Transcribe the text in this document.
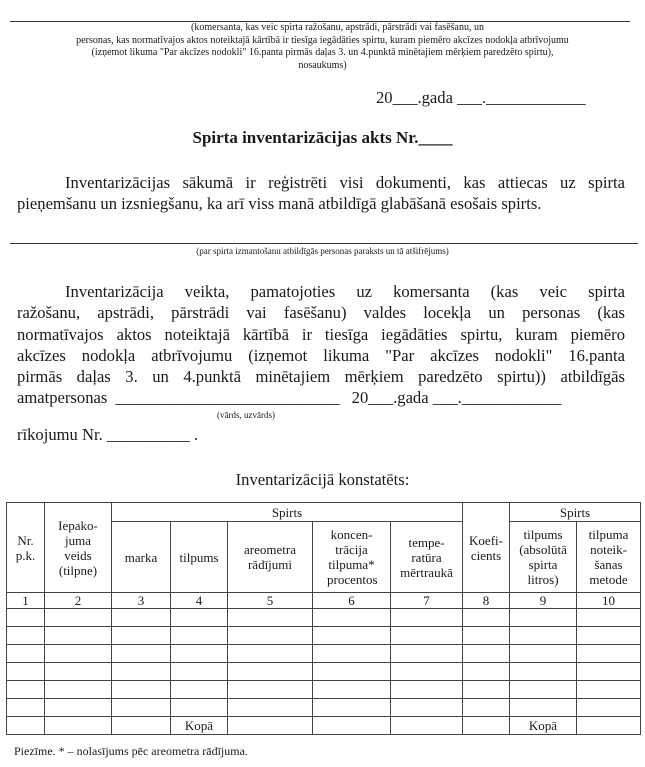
(komersanta, kas veic spirta ražošanu, apstrādi, pārstrādi vai fasēšanu, un
personas, kas normatīvajos aktos noteiktajā kārtībā ir tiesīga iegādāties spirtu, kuram piemēro akcīzes nodokļa atbrīvojumu
(izņemot likuma "Par akcīzes nodokli" 16.panta pirmās daļas 3. un 4.punktā minētajiem mērķiem paredzēto spirtu),
nosaukums)
20___.gada ___.____________
Spirta inventarizācijas akts Nr.____
Inventarizācijas sākumā ir reģistrēti visi dokumenti, kas attiecas uz spirta
pieņemšanu un izsniegšanu, ka arī viss manā atbildīgā glabāšanā esošais spirts.
(par spirta izmantošanu atbildīgās personas paraksts un tā atšifrējums)
Inventarizācija veikta, pamatojoties uz komersanta (kas veic spirta
ražošanu, apstrādi, pārstrādi vai fasēšanu) valdes locekļa un personas (kas
normatīvajos aktos noteiktajā kārtībā ir tiesīga iegādāties spirtu, kuram piemēro
akcīzes nodokļa atbrīvojumu (izņemot likuma "Par akcīzes nodokli" 16.panta
pirmās daļas 3. un 4.punktā minētajiem mērķiem paredzēto spirtu)) atbildīgās
amatpersonas ___________________________ 20___.gada ___.____________
(vārds, uzvārds)
rīkojumu Nr. __________ .
Inventarizācijā konstatēts:
Nr. p.k.	Iepako- juma veids (tilpne)	Spirts					Koefi- cients	Spirts	
		marka	tilpums	areometra rādījumi	koncen- trācija tilpuma* procentos	tempe- ratūra mērtraukā		tilpums (absolūtā spirta litros)	tilpuma noteik- šanas metode
1	2	3	4	5	6	7	8	9	10

			Kopā					Kopā	
Piezīme. * – nolasījums pēc areometra rādījuma.
